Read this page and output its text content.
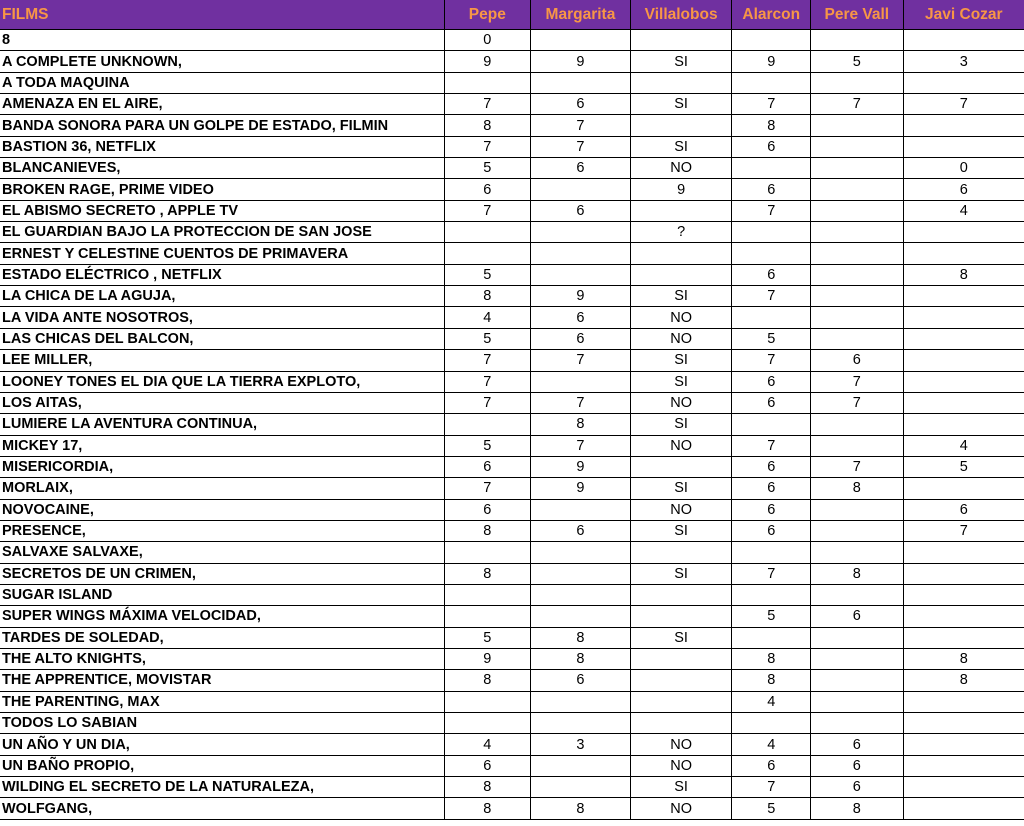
FILMS	Pepe	Margarita	Villalobos	Alarcon	Pere Vall	Javi Cozar
8	0					
A COMPLETE UNKNOWN,	9	9	SI	9	5	3
A TODA MAQUINA						
AMENAZA EN EL AIRE,	7	6	SI	7	7	7
BANDA SONORA PARA UN GOLPE DE ESTADO, FILMIN	8	7		8		
BASTION 36, NETFLIX	7	7	SI	6		
BLANCANIEVES,	5	6	NO			0
BROKEN RAGE, PRIME VIDEO	6		9	6		6
EL ABISMO SECRETO , APPLE TV	7	6		7		4
EL GUARDIAN BAJO LA PROTECCION DE SAN JOSE			?			
ERNEST Y CELESTINE CUENTOS DE PRIMAVERA						
ESTADO ELÉCTRICO , NETFLIX	5			6		8
LA CHICA DE LA AGUJA,	8	9	SI	7		
LA VIDA ANTE NOSOTROS,	4	6	NO			
LAS CHICAS DEL BALCON,	5	6	NO	5		
LEE MILLER,	7	7	SI	7	6	
LOONEY TONES EL DIA QUE LA TIERRA EXPLOTO,	7		SI	6	7	
LOS AITAS,	7	7	NO	6	7	
LUMIERE LA AVENTURA CONTINUA,		8	SI			
MICKEY 17,	5	7	NO	7		4
MISERICORDIA,	6	9		6	7	5
MORLAIX,	7	9	SI	6	8	
NOVOCAINE,	6		NO	6		6
PRESENCE,	8	6	SI	6		7
SALVAXE SALVAXE,						
SECRETOS DE UN CRIMEN,	8		SI	7	8	
SUGAR ISLAND						
SUPER WINGS MÁXIMA VELOCIDAD,				5	6	
TARDES DE SOLEDAD,	5	8	SI			
THE ALTO KNIGHTS,	9	8		8		8
THE APPRENTICE, MOVISTAR	8	6		8		8
THE PARENTING, MAX				4		
TODOS LO SABIAN						
UN AÑO Y UN DIA,	4	3	NO	4	6	
UN BAÑO PROPIO,	6		NO	6	6	
WILDING EL SECRETO DE LA NATURALEZA,	8		SI	7	6	
WOLFGANG,	8	8	NO	5	8	
